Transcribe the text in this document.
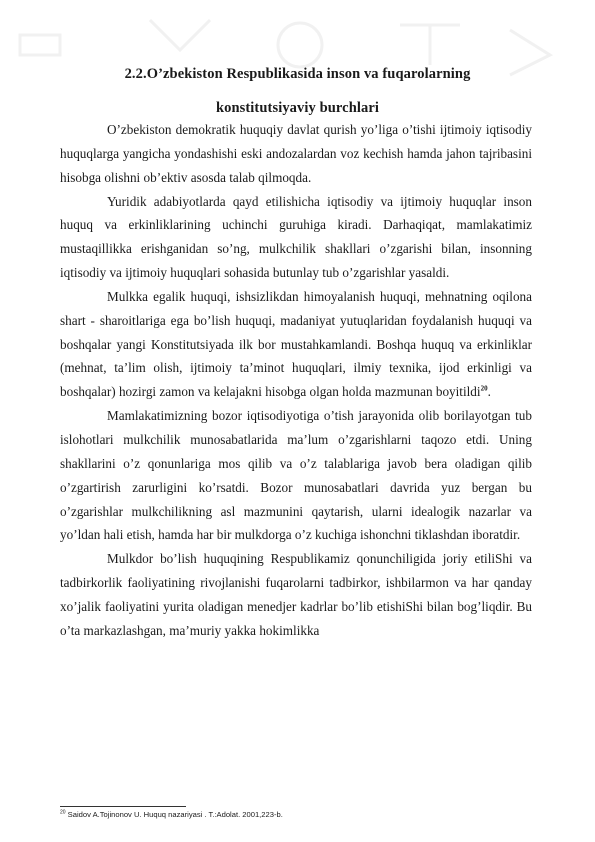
2.2.O’zbekiston Respublikasida inson va fuqarolarning
konstitutsiyaviy burchlari

O’zbekiston demokratik huquqiy davlat qurish yo’liga o’tishi ijtimoiy iqtisodiy huquqlarga yangicha yondashishi eski andozalardan voz kechish hamda jahon tajribasini hisobga olishni ob’ektiv asosda talab qilmoqda.

Yuridik adabiyotlarda qayd etilishicha iqtisodiy va ijtimoiy huquqlar inson huquq va erkinliklarining uchinchi guruhiga kiradi. Darhaqiqat, mamlakatimiz mustaqillikka erishganidan so’ng, mulkchilik shakllari o’zgarishi bilan, insonning iqtisodiy va ijtimoiy huquqlari sohasida butunlay tub o’zgarishlar yasaldi.

Mulkka egalik huquqi, ishsizlikdan himoyalanish huquqi, mehnatning oqilona shart - sharoitlariga ega bo’lish huquqi, madaniyat yutuqlaridan foydalanish huquqi va boshqalar yangi Konstitutsiyada ilk bor mustahkamlandi. Boshqa huquq va erkinliklar (mehnat, ta’lim olish, ijtimoiy ta’minot huquqlari, ilmiy texnika, ijod erkinligi va boshqalar) hozirgi zamon va kelajakni hisobga olgan holda mazmunan boyitildi$^{20}$.

Mamlakatimizning bozor iqtisodiyotiga o’tish jarayonida olib borilayotgan tub islohotlari mulkchilik munosabatlarida ma’lum o’zgarishlarni taqozo etdi. Uning shakllarini o’z qonunlariga mos qilib va o’z talablariga javob bera oladigan qilib o’zgartirish zarurligini ko’rsatdi. Bozor munosabatlari davrida yuz bergan bu o’zgarishlar mulkchilikning asl mazmunini qaytarish, ularni idealogik nazarlar va yo’ldan hali etish, hamda har bir mulkdorga o’z kuchiga ishonchni tiklashdan iboratdir.

Mulkdor bo’lish huquqining Respublikamiz qonunchiligida joriy etiliShi va tadbirkorlik faoliyatining rivojlanishi fuqarolarni tadbirkor, ishbilarmon va har qanday xo’jalik faoliyatini yurita oladigan menedjer kadrlar bo’lib etishiShi bilan bog’liqdir. Bu o’ta markazlashgan, ma’muriy yakka hokimlikka

$^{20}$ Saidov A.Tojinonov U. Huquq nazariyasi . T.:Adolat. 2001,223-b.
